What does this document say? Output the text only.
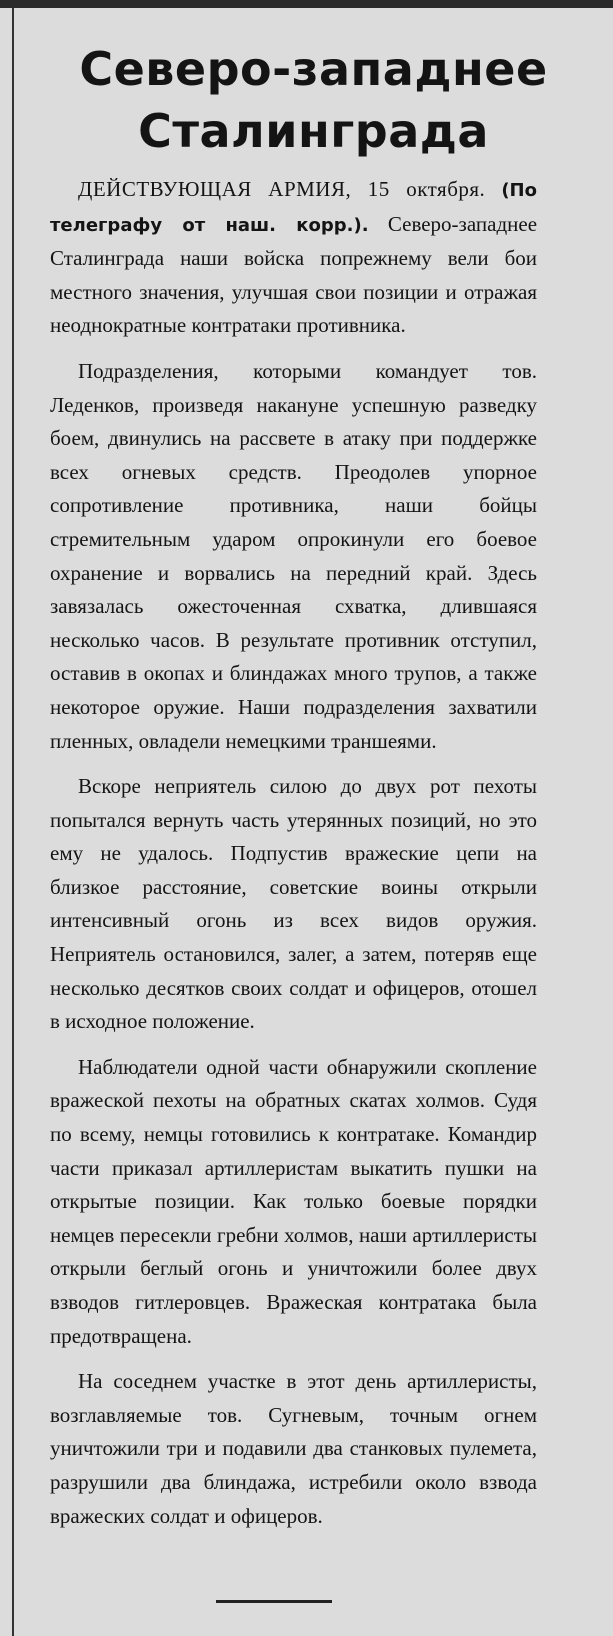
Северо-западнее
Сталинграда

ДЕЙСТВУЮЩАЯ АРМИЯ, 15 октября. (По телеграфу от наш. корр.). Северо-западнее Сталинграда наши войска попрежнему вели бои местного значения, улучшая свои позиции и отражая неоднократные контратаки противника.

Подразделения, которыми командует тов. Леденков, произведя накануне успешную разведку боем, двинулись на рассвете в атаку при поддержке всех огневых средств. Преодолев упорное сопротивление противника, наши бойцы стремительным ударом опрокинули его боевое охранение и ворвались на передний край. Здесь завязалась ожесточенная схватка, длившаяся несколько часов. В результате противник отступил, оставив в окопах и блиндажах много трупов, а также некоторое оружие. Наши подразделения захватили пленных, овладели немецкими траншеями.

Вскоре неприятель силою до двух рот пехоты попытался вернуть часть утерянных позиций, но это ему не удалось. Подпустив вражеские цепи на близкое расстояние, советские воины открыли интенсивный огонь из всех видов оружия. Неприятель остановился, залег, а затем, потеряв еще несколько десятков своих солдат и офицеров, отошел в исходное положение.

Наблюдатели одной части обнаружили скопление вражеской пехоты на обратных скатах холмов. Судя по всему, немцы готовились к контратаке. Командир части приказал артиллеристам выкатить пушки на открытые позиции. Как только боевые порядки немцев пересекли гребни холмов, наши артиллеристы открыли беглый огонь и уничтожили более двух взводов гитлеровцев. Вражеская контратака была предотвращена.

На соседнем участке в этот день артиллеристы, возглавляемые тов. Сугневым, точным огнем уничтожили три и подавили два станковых пулемета, разрушили два блиндажа, истребили около взвода вражеских солдат и офицеров.
